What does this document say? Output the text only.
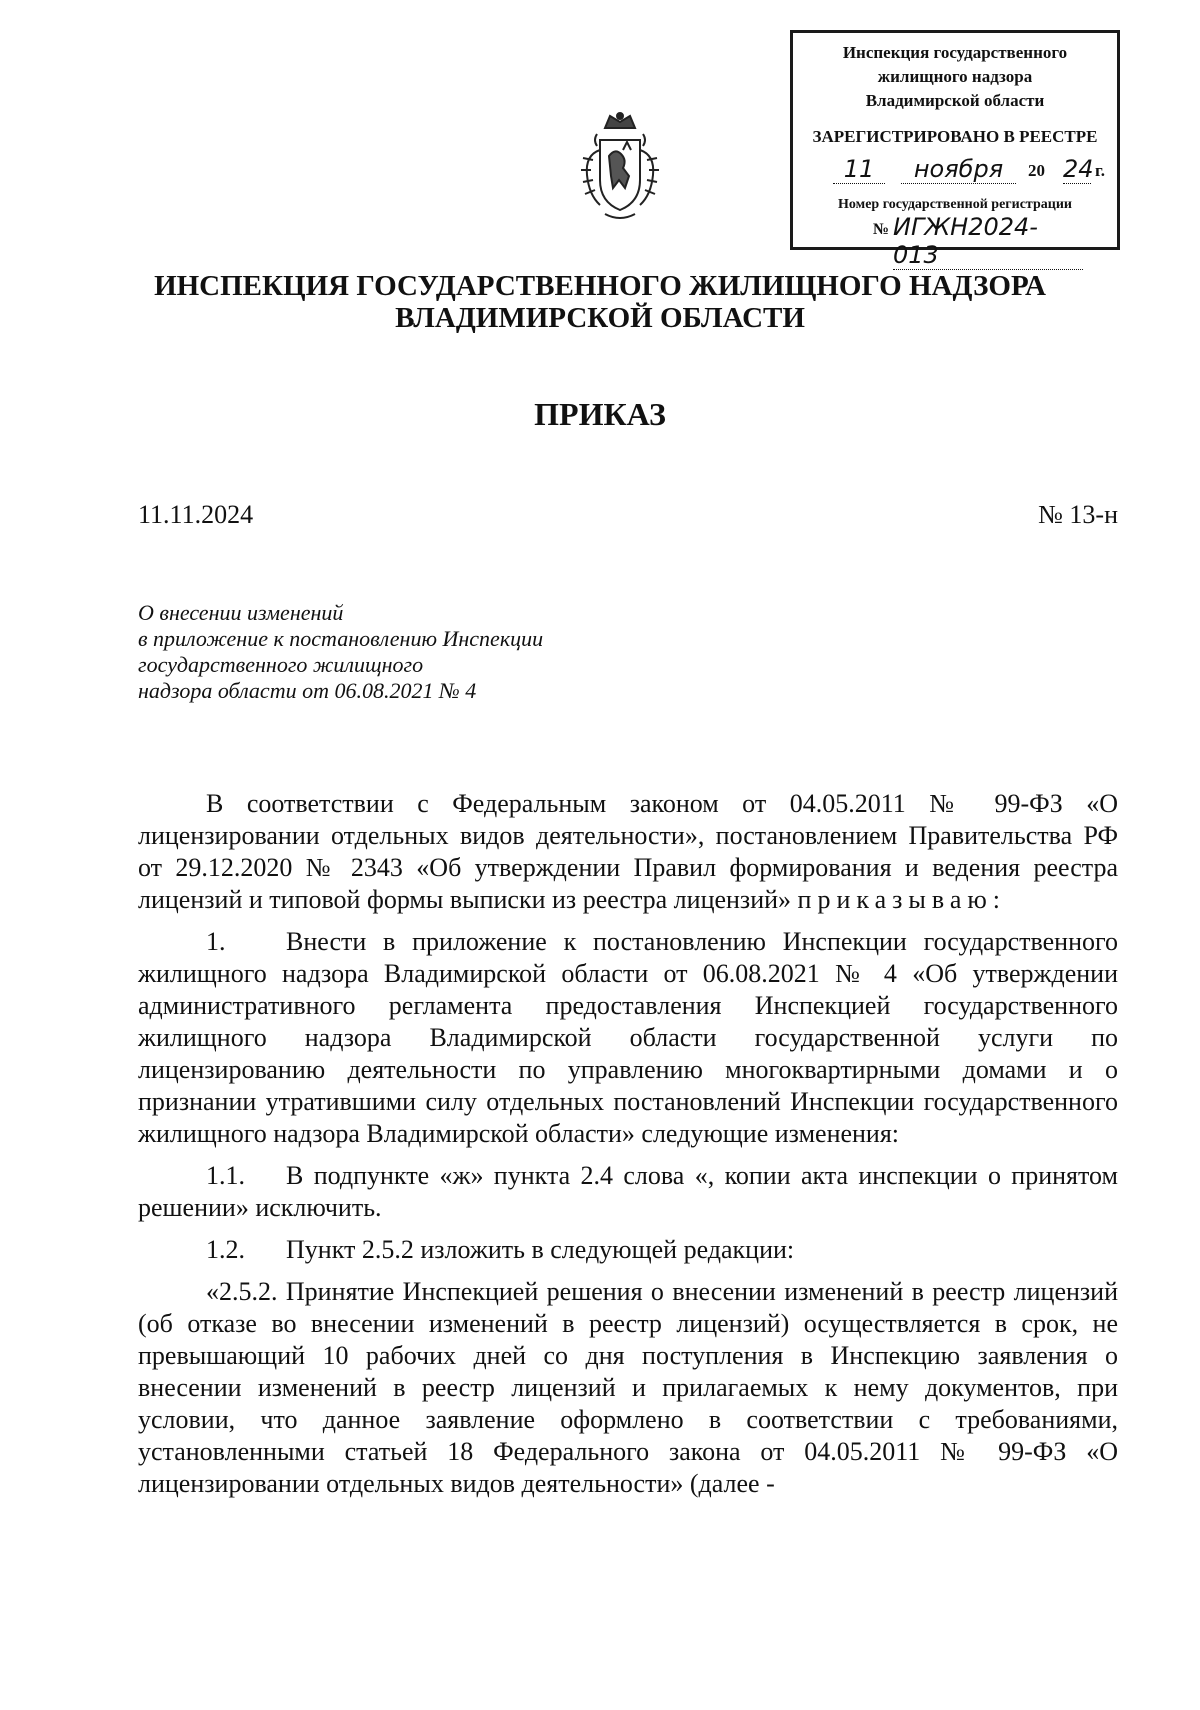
Инспекция государственного
жилищного надзора
Владимирской области
ЗАРЕГИСТРИРОВАНО В РЕЕСТРЕ
11	ноября	20 24 г.
Номер государственной регистрации
№ ИГЖН2024-013
ИНСПЕКЦИЯ ГОСУДАРСТВЕННОГО ЖИЛИЩНОГО НАДЗОРА
ВЛАДИМИРСКОЙ ОБЛАСТИ
ПРИКАЗ
11.11.2024	№ 13-н
О внесении изменений
в приложение к постановлению Инспекции
государственного жилищного
надзора области от 06.08.2021 № 4

В соответствии с Федеральным законом от 04.05.2011 № 99-ФЗ «О лицензировании отдельных видов деятельности», постановлением Правительства РФ от 29.12.2020 № 2343 «Об утверждении Правил формирования и ведения реестра лицензий и типовой формы выписки из реестра лицензий» приказываю:

1. Внести в приложение к постановлению Инспекции государственного жилищного надзора Владимирской области от 06.08.2021 № 4 «Об утверждении административного регламента предоставления Инспекцией государственного жилищного надзора Владимирской области государственной услуги по лицензированию деятельности по управлению многоквартирными домами и о признании утратившими силу отдельных постановлений Инспекции государственного жилищного надзора Владимирской области» следующие изменения:

1.1. В подпункте «ж» пункта 2.4 слова «, копии акта инспекции о принятом решении» исключить.

1.2. Пункт 2.5.2 изложить в следующей редакции:

«2.5.2. Принятие Инспекцией решения о внесении изменений в реестр лицензий (об отказе во внесении изменений в реестр лицензий) осуществляется в срок, не превышающий 10 рабочих дней со дня поступления в Инспекцию заявления о внесении изменений в реестр лицензий и прилагаемых к нему документов, при условии, что данное заявление оформлено в соответствии с требованиями, установленными статьей 18 Федерального закона от 04.05.2011 № 99-ФЗ «О лицензировании отдельных видов деятельности» (далее -
